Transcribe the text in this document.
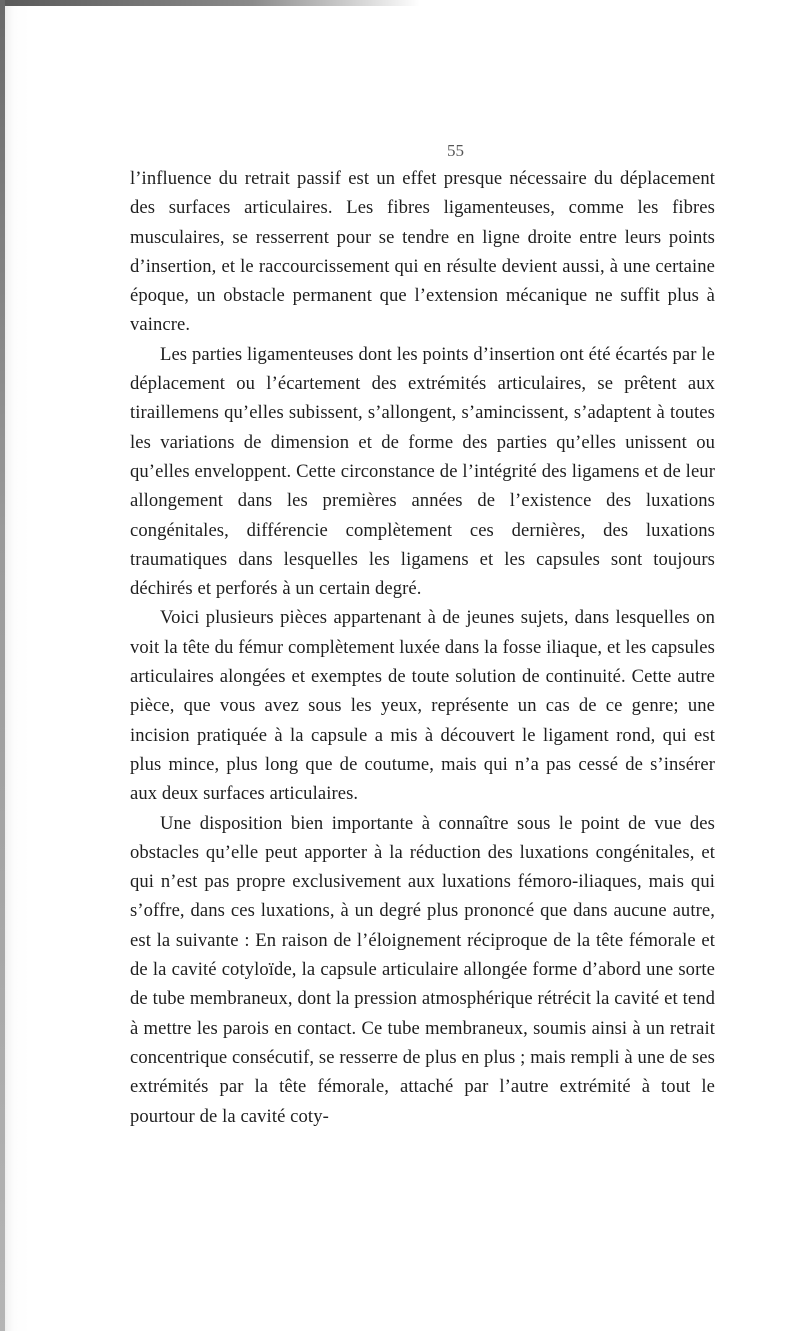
55

l’influence du retrait passif est un effet presque nécessaire du déplacement des surfaces articulaires. Les fibres ligamenteuses, comme les fibres musculaires, se resserrent pour se tendre en ligne droite entre leurs points d’insertion, et le raccourcissement qui en résulte devient aussi, à une certaine époque, un obstacle permanent que l’extension mécanique ne suffit plus à vaincre.

Les parties ligamenteuses dont les points d’insertion ont été écartés par le déplacement ou l’écartement des extrémités articulaires, se prêtent aux tiraillemens qu’elles subissent, s’allongent, s’amincissent, s’adaptent à toutes les variations de dimension et de forme des parties qu’elles unissent ou qu’elles enveloppent. Cette circonstance de l’intégrité des ligamens et de leur allongement dans les premières années de l’existence des luxations congénitales, différencie complètement ces dernières, des luxations traumatiques dans lesquelles les ligamens et les capsules sont toujours déchirés et perforés à un certain degré.

Voici plusieurs pièces appartenant à de jeunes sujets, dans lesquelles on voit la tête du fémur complètement luxée dans la fosse iliaque, et les capsules articulaires alongées et exemptes de toute solution de continuité. Cette autre pièce, que vous avez sous les yeux, représente un cas de ce genre; une incision pratiquée à la capsule a mis à découvert le ligament rond, qui est plus mince, plus long que de coutume, mais qui n’a pas cessé de s’insérer aux deux surfaces articulaires.

Une disposition bien importante à connaître sous le point de vue des obstacles qu’elle peut apporter à la réduction des luxations congénitales, et qui n’est pas propre exclusivement aux luxations fémoro-iliaques, mais qui s’offre, dans ces luxations, à un degré plus prononcé que dans aucune autre, est la suivante : En raison de l’éloignement réciproque de la tête fémorale et de la cavité cotyloïde, la capsule articulaire allongée forme d’abord une sorte de tube membraneux, dont la pression atmosphérique rétrécit la cavité et tend à mettre les parois en contact. Ce tube membraneux, soumis ainsi à un retrait concentrique consécutif, se resserre de plus en plus ; mais rempli à une de ses extrémités par la tête fémorale, attaché par l’autre extrémité à tout le pourtour de la cavité coty-
